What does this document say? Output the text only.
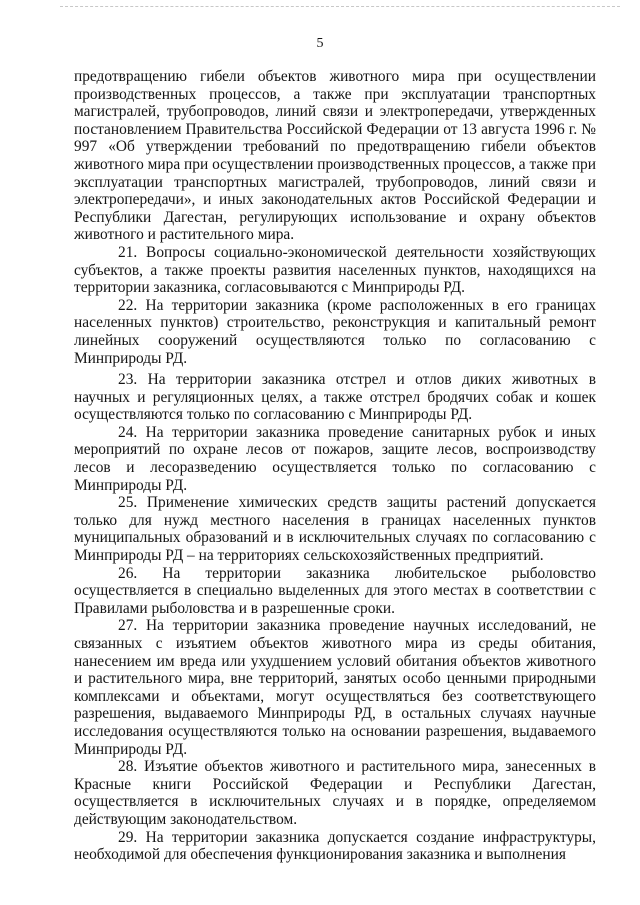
5

предотвращению гибели объектов животного мира при осуществлении производственных процессов, а также при эксплуатации транспортных магистралей, трубопроводов, линий связи и электропередачи, утвержденных постановлением Правительства Российской Федерации от 13 августа 1996 г. № 997 «Об утверждении требований по предотвращению гибели объектов животного мира при осуществлении производственных процессов, а также при эксплуатации транспортных магистралей, трубопроводов, линий связи и электропередачи», и иных законодательных актов Российской Федерации и Республики Дагестан, регулирующих использование и охрану объектов животного и растительного мира.

21. Вопросы социально-экономической деятельности хозяйствующих субъектов, а также проекты развития населенных пунктов, находящихся на территории заказника, согласовываются с Минприроды РД.

22. На территории заказника (кроме расположенных в его границах населенных пунктов) строительство, реконструкция и капитальный ремонт линейных сооружений осуществляются только по согласованию с Минприроды РД.

23. На территории заказника отстрел и отлов диких животных в научных и регуляционных целях, а также отстрел бродячих собак и кошек осуществляются только по согласованию с Минприроды РД.

24. На территории заказника проведение санитарных рубок и иных мероприятий по охране лесов от пожаров, защите лесов, воспроизводству лесов и лесоразведению осуществляется только по согласованию с Минприроды РД.

25. Применение химических средств защиты растений допускается только для нужд местного населения в границах населенных пунктов муниципальных образований и в исключительных случаях по согласованию с Минприроды РД – на территориях сельскохозяйственных предприятий.

26. На территории заказника любительское рыболовство осуществляется в специально выделенных для этого местах в соответствии с Правилами рыболовства и в разрешенные сроки.

27. На территории заказника проведение научных исследований, не связанных с изъятием объектов животного мира из среды обитания, нанесением им вреда или ухудшением условий обитания объектов животного и растительного мира, вне территорий, занятых особо ценными природными комплексами и объектами, могут осуществляться без соответствующего разрешения, выдаваемого Минприроды РД, в остальных случаях научные исследования осуществляются только на основании разрешения, выдаваемого Минприроды РД.

28. Изъятие объектов животного и растительного мира, занесенных в Красные книги Российской Федерации и Республики Дагестан, осуществляется в исключительных случаях и в порядке, определяемом действующим законодательством.

29. На территории заказника допускается создание инфраструктуры, необходимой для обеспечения функционирования заказника и выполнения
